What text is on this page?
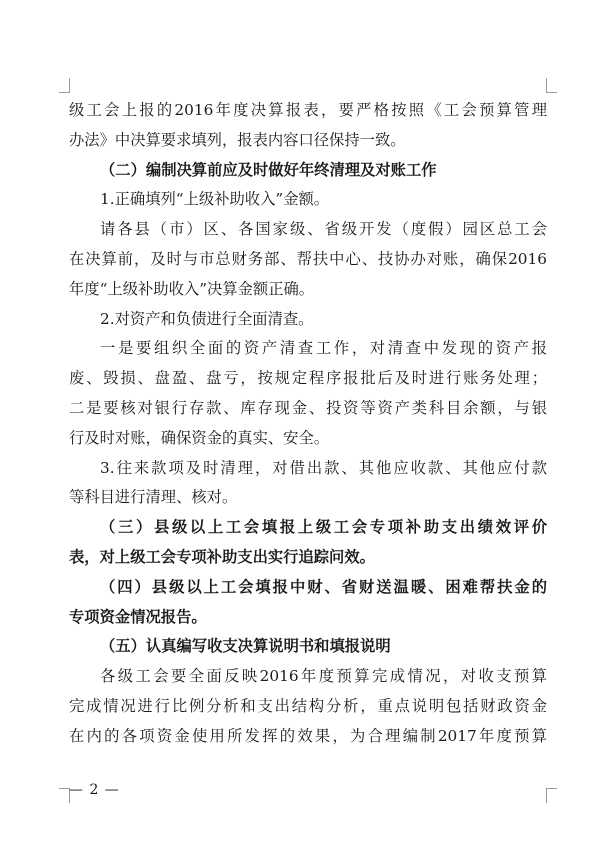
级工会上报的2016年度决算报表，要严格按照《工会预算管理
办法》中决算要求填列，报表内容口径保持一致。
（二）编制决算前应及时做好年终清理及对账工作
1.正确填列“上级补助收入”金额。
请各县（市）区、各国家级、省级开发（度假）园区总工会
在决算前，及时与市总财务部、帮扶中心、技协办对账，确保2016
年度“上级补助收入”决算金额正确。
2.对资产和负债进行全面清查。
一是要组织全面的资产清查工作，对清查中发现的资产报
废、毁损、盘盈、盘亏，按规定程序报批后及时进行账务处理；
二是要核对银行存款、库存现金、投资等资产类科目余额，与银
行及时对账，确保资金的真实、安全。
3.往来款项及时清理，对借出款、其他应收款、其他应付款
等科目进行清理、核对。
（三）县级以上工会填报上级工会专项补助支出绩效评价
表，对上级工会专项补助支出实行追踪问效。
（四）县级以上工会填报中财、省财送温暖、困难帮扶金的
专项资金情况报告。
（五）认真编写收支决算说明书和填报说明
各级工会要全面反映2016年度预算完成情况，对收支预算
完成情况进行比例分析和支出结构分析，重点说明包括财政资金
在内的各项资金使用所发挥的效果，为合理编制2017年度预算
— 2 —
